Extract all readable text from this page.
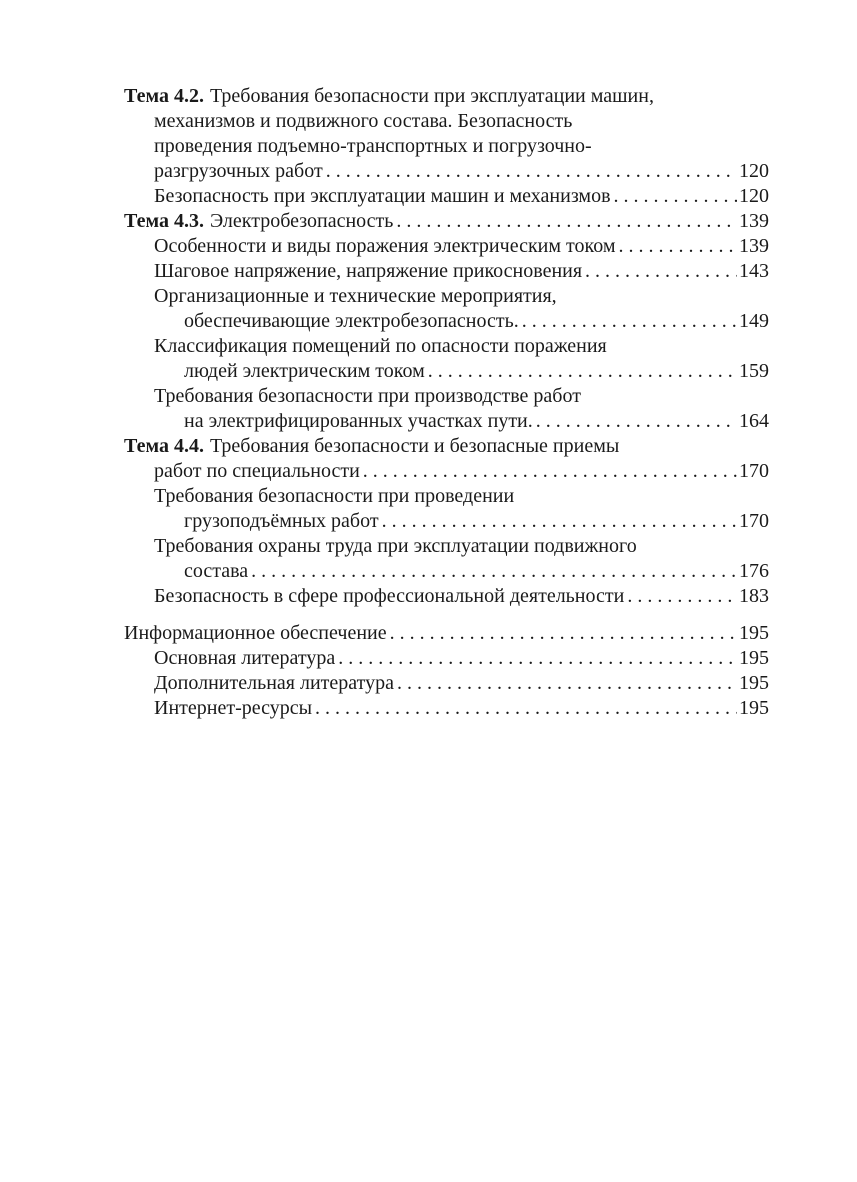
Тема 4.2. Требования безопасности при эксплуатации машин,
механизмов и подвижного состава. Безопасность
проведения подъемно-транспортных и погрузочно-
разгрузочных работ . . .	120
Безопасность при эксплуатации машин и механизмов . . .	120
Тема 4.3. Электробезопасность . . .	139
Особенности и виды поражения электрическим током . . .	139
Шаговое напряжение, напряжение прикосновения . . .	143
Организационные и технические мероприятия,
обеспечивающие электробезопасность. . . .	149
Классификация помещений по опасности поражения
людей электрическим током . . .	159
Требования безопасности при производстве работ
на электрифицированных участках пути. . . .	164
Тема 4.4. Требования безопасности и безопасные приемы
работ по специальности . . .	170
Требования безопасности при проведении
грузоподъёмных работ . . .	170
Требования охраны труда при эксплуатации подвижного
состава . . .	176
Безопасность в сфере профессиональной деятельности . . .	183
Информационное обеспечение . . .	195
Основная литература . . .	195
Дополнительная литература . . .	195
Интернет-ресурсы . . .	195
